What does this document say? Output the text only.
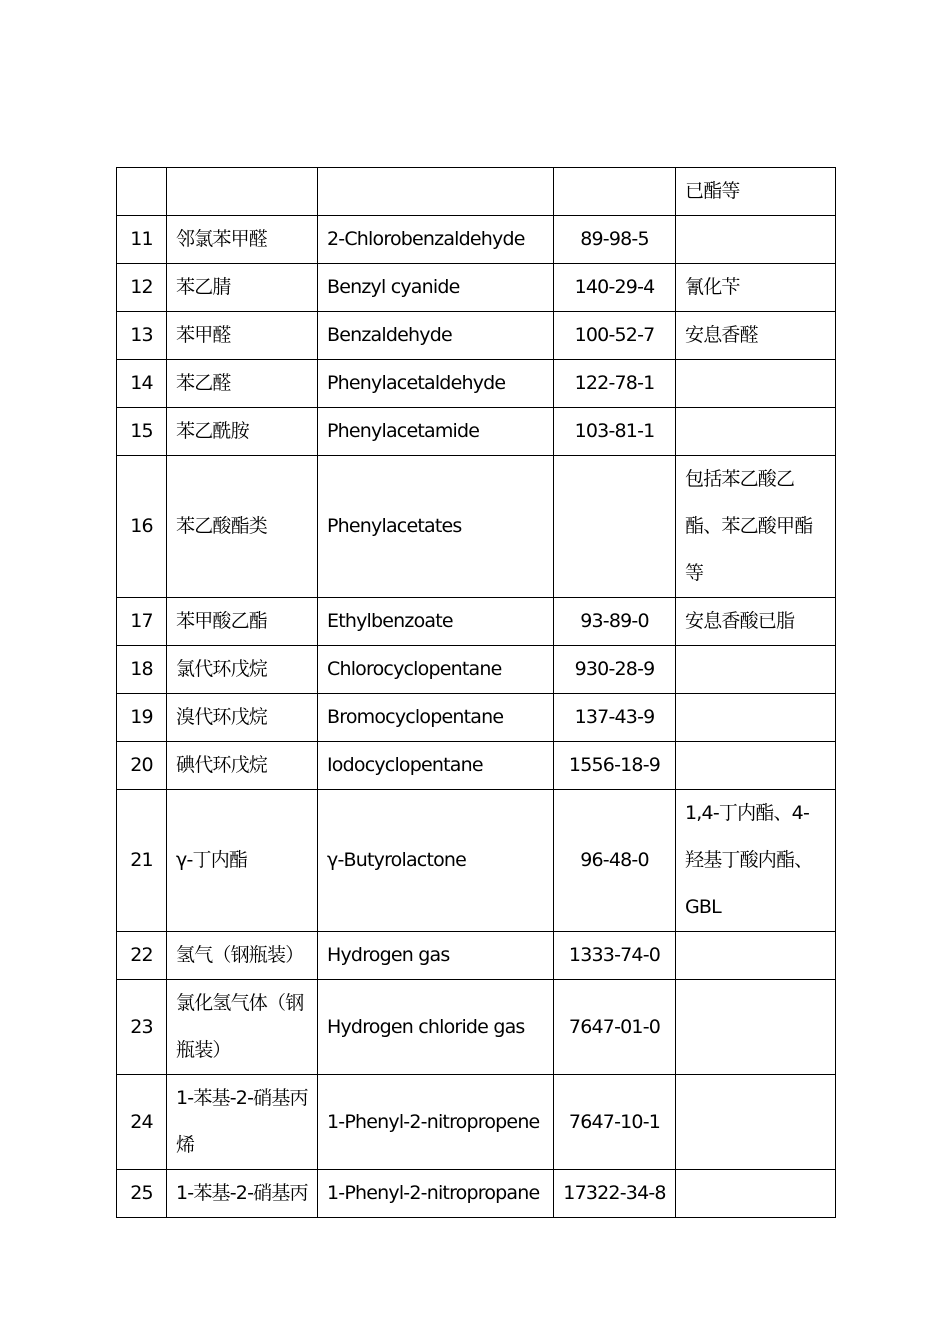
				已酯等
11	邻氯苯甲醛	2-Chlorobenzaldehyde	89-98-5	
12	苯乙腈	Benzyl cyanide	140-29-4	氰化苄
13	苯甲醛	Benzaldehyde	100-52-7	安息香醛
14	苯乙醛	Phenylacetaldehyde	122-78-1	
15	苯乙酰胺	Phenylacetamide	103-81-1	
16	苯乙酸酯类	Phenylacetates		包括苯乙酸乙酯、苯乙酸甲酯等
17	苯甲酸乙酯	Ethylbenzoate	93-89-0	安息香酸已脂
18	氯代环戊烷	Chlorocyclopentane	930-28-9	
19	溴代环戊烷	Bromocyclopentane	137-43-9	
20	碘代环戊烷	Iodocyclopentane	1556-18-9	
21	γ-丁内酯	γ-Butyrolactone	96-48-0	1,4-丁内酯、4-羟基丁酸内酯、GBL
22	氢气（钢瓶装）	Hydrogen gas	1333-74-0	
23	氯化氢气体（钢瓶装）	Hydrogen chloride gas	7647-01-0	
24	1-苯基-2-硝基丙烯	1-Phenyl-2-nitropropene	7647-10-1	
25	1-苯基-2-硝基丙	1-Phenyl-2-nitropropane	17322-34-8	
